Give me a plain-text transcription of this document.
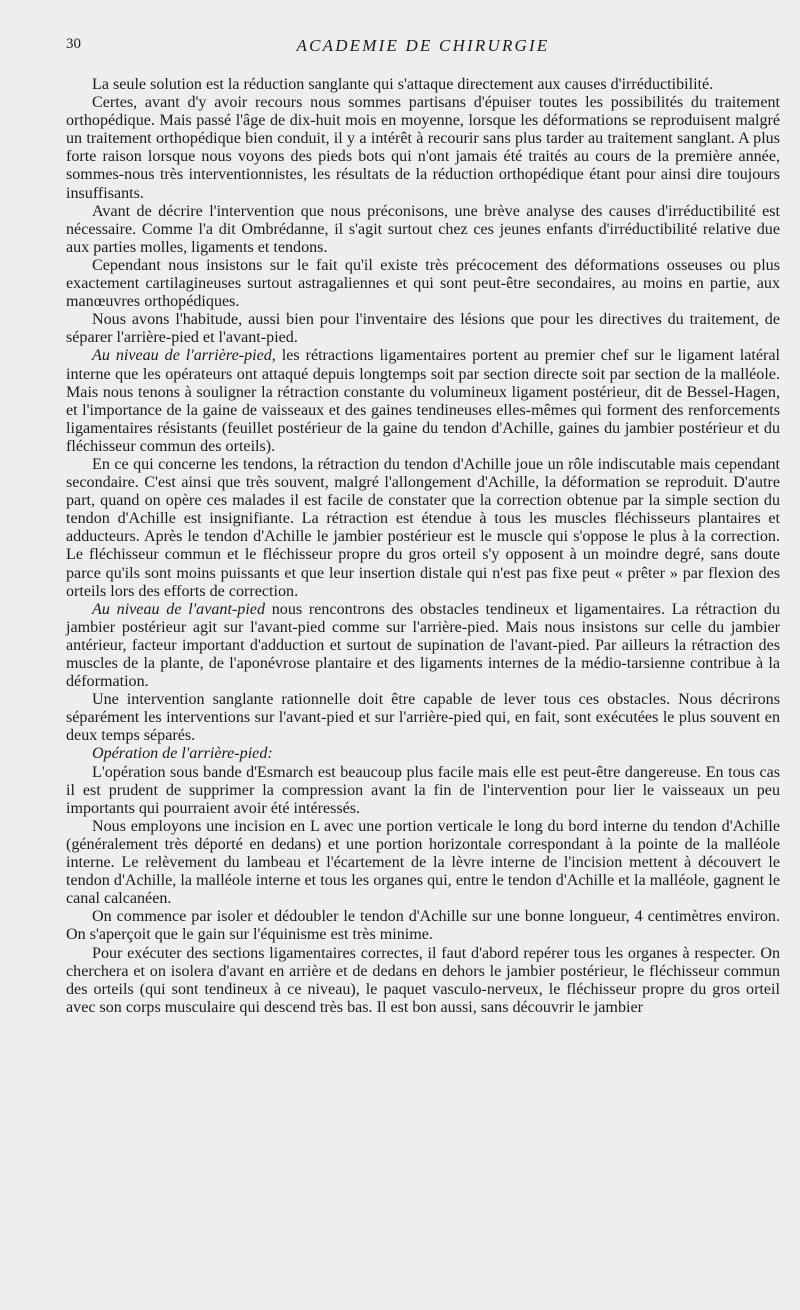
30	ACADEMIE DE CHIRURGIE

La seule solution est la réduction sanglante qui s'attaque directement aux causes d'irréductibilité.

Certes, avant d'y avoir recours nous sommes partisans d'épuiser toutes les possibilités du traitement orthopédique. Mais passé l'âge de dix-huit mois en moyenne, lorsque les déformations se reproduisent malgré un traitement orthopédique bien conduit, il y a intérêt à recourir sans plus tarder au traitement sanglant. A plus forte raison lorsque nous voyons des pieds bots qui n'ont jamais été traités au cours de la première année, sommes-nous très interventionnistes, les résultats de la réduction orthopédique étant pour ainsi dire toujours insuffisants.

Avant de décrire l'intervention que nous préconisons, une brève analyse des causes d'irréductibilité est nécessaire. Comme l'a dit Ombrédanne, il s'agit surtout chez ces jeunes enfants d'irréductibilité relative due aux parties molles, ligaments et tendons.

Cependant nous insistons sur le fait qu'il existe très précocement des déformations osseuses ou plus exactement cartilagineuses surtout astragaliennes et qui sont peut-être secondaires, au moins en partie, aux manœuvres orthopédiques.

Nous avons l'habitude, aussi bien pour l'inventaire des lésions que pour les directives du traitement, de séparer l'arrière-pied et l'avant-pied.

Au niveau de l'arrière-pied, les rétractions ligamentaires portent au premier chef sur le ligament latéral interne que les opérateurs ont attaqué depuis longtemps soit par section directe soit par section de la malléole. Mais nous tenons à souligner la rétraction constante du volumineux ligament postérieur, dit de Bessel-Hagen, et l'importance de la gaine de vaisseaux et des gaines tendineuses elles-mêmes qui forment des renforcements ligamentaires résistants (feuillet postérieur de la gaine du tendon d'Achille, gaines du jambier postérieur et du fléchisseur commun des orteils).

En ce qui concerne les tendons, la rétraction du tendon d'Achille joue un rôle indiscutable mais cependant secondaire. C'est ainsi que très souvent, malgré l'allongement d'Achille, la déformation se reproduit. D'autre part, quand on opère ces malades il est facile de constater que la correction obtenue par la simple section du tendon d'Achille est insignifiante. La rétraction est étendue à tous les muscles fléchisseurs plantaires et adducteurs. Après le tendon d'Achille le jambier postérieur est le muscle qui s'oppose le plus à la correction. Le fléchisseur commun et le fléchisseur propre du gros orteil s'y opposent à un moindre degré, sans doute parce qu'ils sont moins puissants et que leur insertion distale qui n'est pas fixe peut « prêter » par flexion des orteils lors des efforts de correction.

Au niveau de l'avant-pied nous rencontrons des obstacles tendineux et ligamentaires. La rétraction du jambier postérieur agit sur l'avant-pied comme sur l'arrière-pied. Mais nous insistons sur celle du jambier antérieur, facteur important d'adduction et surtout de supination de l'avant-pied. Par ailleurs la rétraction des muscles de la plante, de l'aponévrose plantaire et des ligaments internes de la médio-tarsienne contribue à la déformation.

Une intervention sanglante rationnelle doit être capable de lever tous ces obstacles. Nous décrirons séparément les interventions sur l'avant-pied et sur l'arrière-pied qui, en fait, sont exécutées le plus souvent en deux temps séparés.

Opération de l'arrière-pied:

L'opération sous bande d'Esmarch est beaucoup plus facile mais elle est peut-être dangereuse. En tous cas il est prudent de supprimer la compression avant la fin de l'intervention pour lier le vaisseaux un peu importants qui pourraient avoir été intéressés.

Nous employons une incision en L avec une portion verticale le long du bord interne du tendon d'Achille (généralement très déporté en dedans) et une portion horizontale correspondant à la pointe de la malléole interne. Le relèvement du lambeau et l'écartement de la lèvre interne de l'incision mettent à découvert le tendon d'Achille, la malléole interne et tous les organes qui, entre le tendon d'Achille et la malléole, gagnent le canal calcanéen.

On commence par isoler et dédoubler le tendon d'Achille sur une bonne longueur, 4 centimètres environ. On s'aperçoit que le gain sur l'équinisme est très minime.

Pour exécuter des sections ligamentaires correctes, il faut d'abord repérer tous les organes à respecter. On cherchera et on isolera d'avant en arrière et de dedans en dehors le jambier postérieur, le fléchisseur commun des orteils (qui sont tendineux à ce niveau), le paquet vasculo-nerveux, le fléchisseur propre du gros orteil avec son corps musculaire qui descend très bas. Il est bon aussi, sans découvrir le jambier
